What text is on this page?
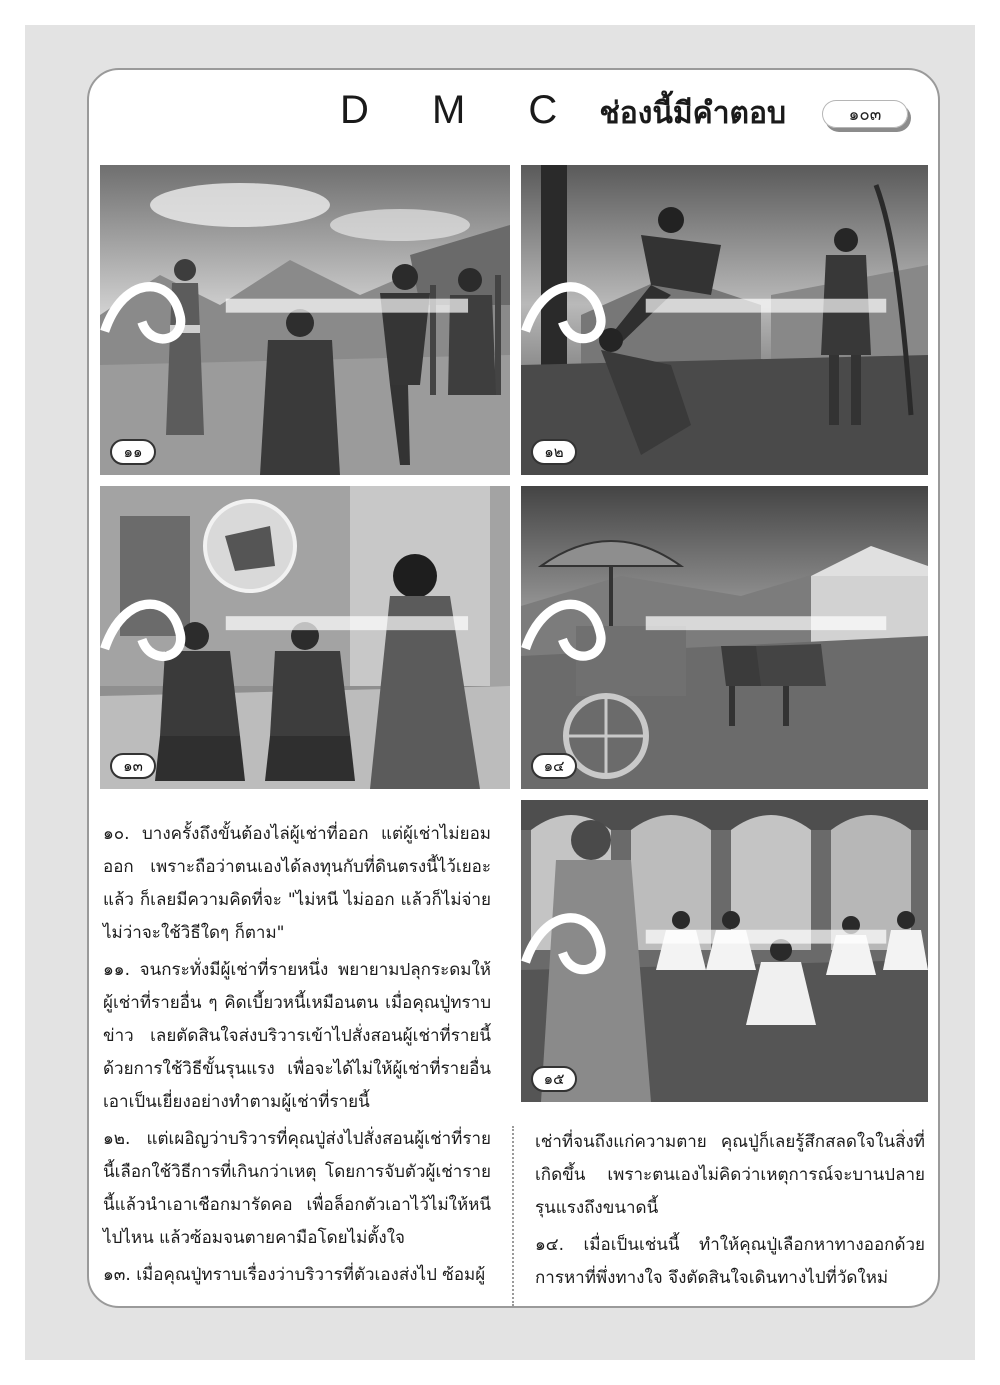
D M C ช่องนี้มีคำตอบ	๑๐๓
๑๑	๑๒
๑๓	๑๔
๑๕

๑๐. บางครั้งถึงขั้นต้องไล่ผู้เช่าที่ออก แต่ผู้เช่าไม่ยอมออก เพราะถือว่าตนเองได้ลงทุนกับที่ดินตรงนี้ไว้เยอะแล้ว ก็เลยมีความคิดที่จะ "ไม่หนี ไม่ออก แล้วก็ไม่จ่าย ไม่ว่าจะใช้วิธีใดๆ ก็ตาม"

๑๑. จนกระทั่งมีผู้เช่าที่รายหนึ่ง พยายามปลุกระดมให้ผู้เช่าที่รายอื่น ๆ คิดเบี้ยวหนี้เหมือนตน เมื่อคุณปู่ทราบข่าว เลยตัดสินใจส่งบริวารเข้าไปสั่งสอนผู้เช่าที่รายนี้ด้วยการใช้วิธีขั้นรุนแรง เพื่อจะได้ไม่ให้ผู้เช่าที่รายอื่นเอาเป็นเยี่ยงอย่างทำตามผู้เช่าที่รายนี้

๑๒. แต่เผอิญว่าบริวารที่คุณปู่ส่งไปสั่งสอนผู้เช่าที่รายนี้เลือกใช้วิธีการที่เกินกว่าเหตุ โดยการจับตัวผู้เช่ารายนี้แล้วนำเอาเชือกมารัดคอ เพื่อล็อกตัวเอาไว้ไม่ให้หนีไปไหน แล้วซ้อมจนตายคามือโดยไม่ตั้งใจ

๑๓. เมื่อคุณปู่ทราบเรื่องว่าบริวารที่ตัวเองส่งไป ซ้อมผู้

เช่าที่จนถึงแก่ความตาย คุณปู่ก็เลยรู้สึกสลดใจในสิ่งที่เกิดขึ้น เพราะตนเองไม่คิดว่าเหตุการณ์จะบานปลายรุนแรงถึงขนาดนี้

๑๔. เมื่อเป็นเช่นนี้ ทำให้คุณปู่เลือกหาทางออกด้วยการหาที่พึ่งทางใจ จึงตัดสินใจเดินทางไปที่วัดใหม่
